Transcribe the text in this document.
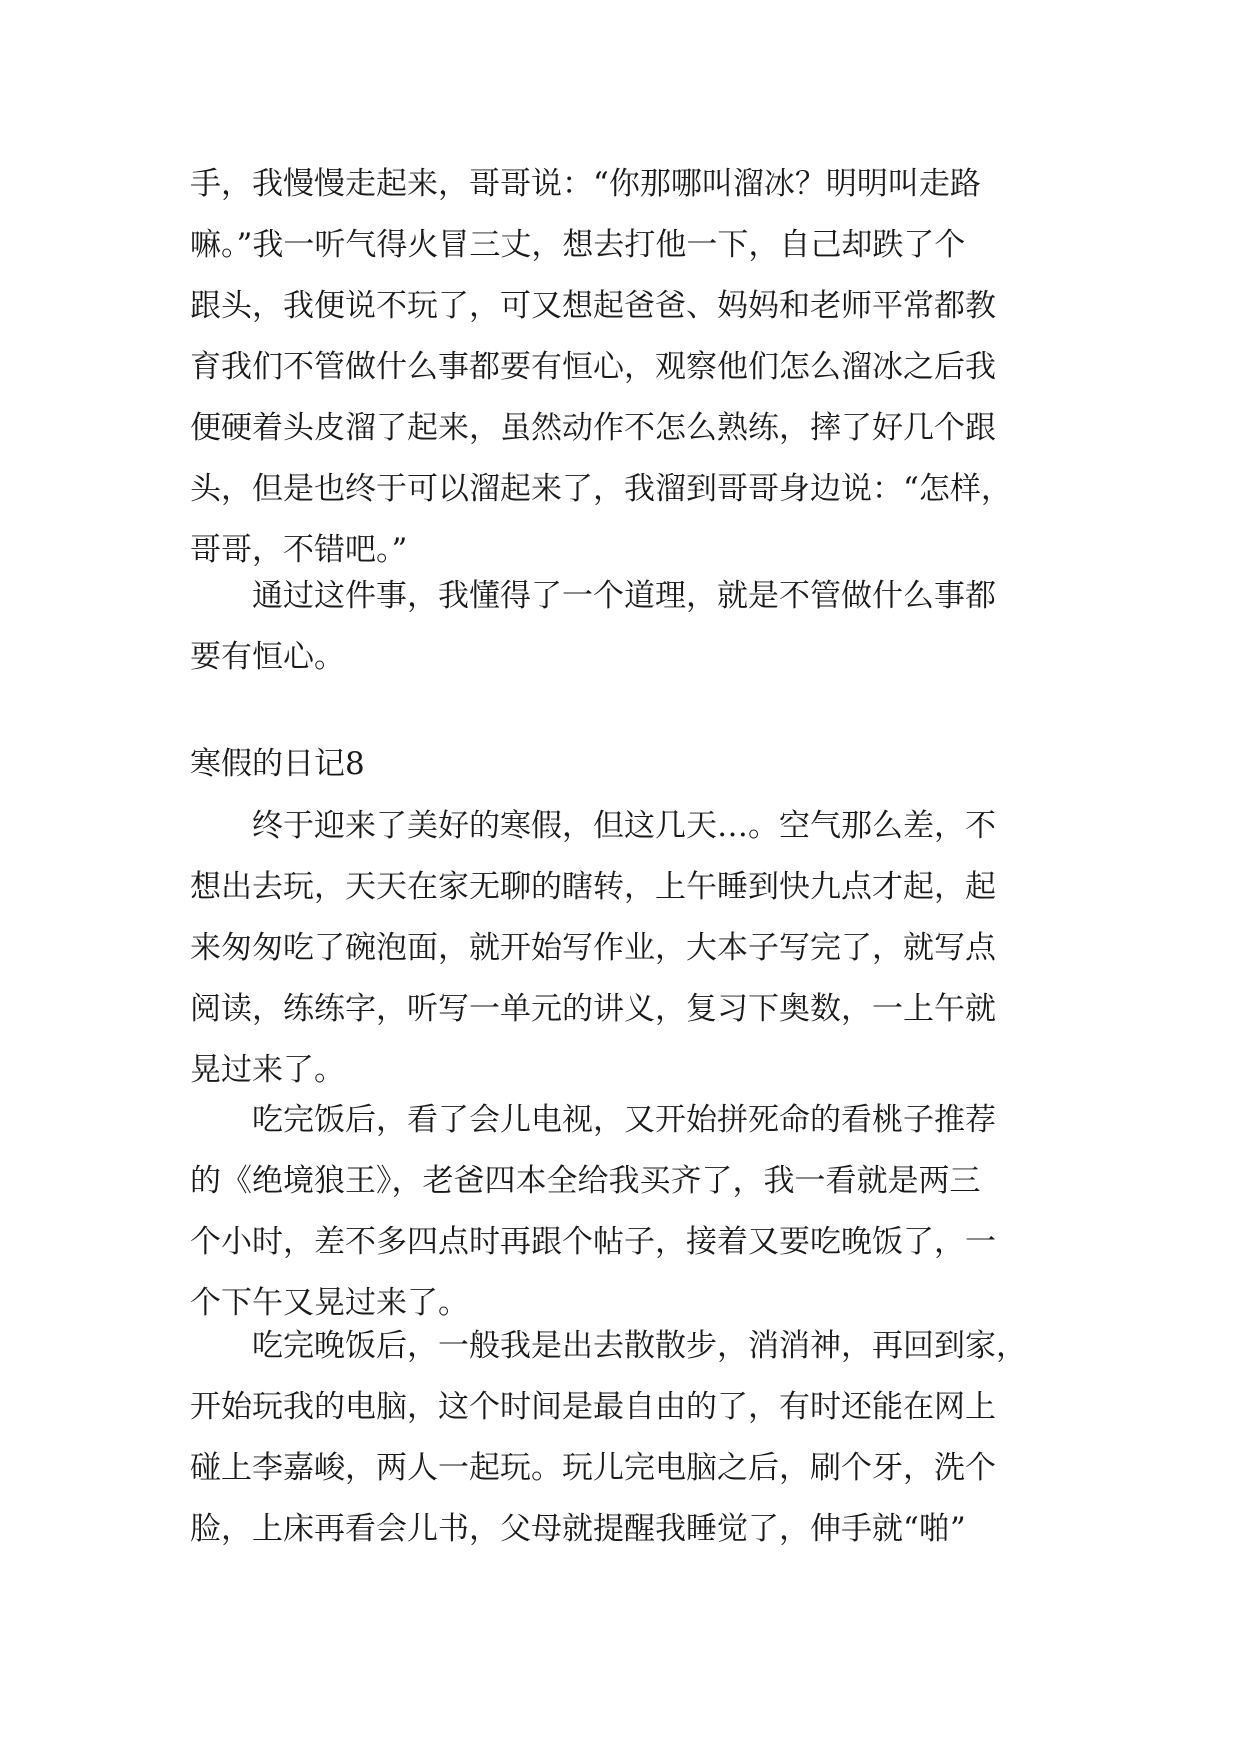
手，我慢慢走起来，哥哥说：“你那哪叫溜冰？明明叫走路
嘛。”我一听气得火冒三丈，想去打他一下，自己却跌了个
跟头，我便说不玩了，可又想起爸爸、妈妈和老师平常都教
育我们不管做什么事都要有恒心，观察他们怎么溜冰之后我
便硬着头皮溜了起来，虽然动作不怎么熟练，摔了好几个跟
头，但是也终于可以溜起来了，我溜到哥哥身边说：“怎样，
哥哥，不错吧。”
　　通过这件事，我懂得了一个道理，就是不管做什么事都
要有恒心。
寒假的日记8
　　终于迎来了美好的寒假，但这几天…。空气那么差，不
想出去玩，天天在家无聊的瞎转，上午睡到快九点才起，起
来匆匆吃了碗泡面，就开始写作业，大本子写完了，就写点
阅读，练练字，听写一单元的讲义，复习下奥数，一上午就
晃过来了。
　　吃完饭后，看了会儿电视，又开始拼死命的看桃子推荐
的《绝境狼王》，老爸四本全给我买齐了，我一看就是两三
个小时，差不多四点时再跟个帖子，接着又要吃晚饭了，一
个下午又晃过来了。
　　吃完晚饭后，一般我是出去散散步，消消神，再回到家，
开始玩我的电脑，这个时间是最自由的了，有时还能在网上
碰上李嘉峻，两人一起玩。玩儿完电脑之后，刷个牙，洗个
脸，上床再看会儿书，父母就提醒我睡觉了，伸手就“啪”
